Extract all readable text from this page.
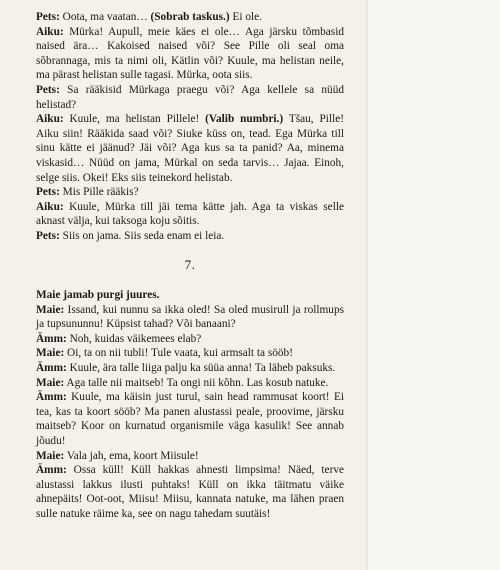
Pets: Oota, ma vaatan… (Sobrab taskus.) Ei ole.

Aiku: Mürka! Aupull, meie käes ei ole… Aga järsku tõmbasid naised ära… Kakoised naised või? See Pille oli seal oma sõbrannaga, mis ta nimi oli, Kätlin või? Kuule, ma helistan neile, ma pärast helistan sulle tagasi. Mürka, oota siis.

Pets: Sa rääkisid Mürkaga praegu või? Aga kellele sa nüüd helistad?

Aiku: Kuule, ma helistan Pillele! (Valib numbri.) Tšau, Pille! Aiku siin! Rääkida saad või? Siuke küss on, tead. Ega Mürka till sinu kätte ei jäänud? Jäi või? Aga kus sa ta panid? Aa, minema viskasid… Nüüd on jama, Mürkal on seda tarvis… Jajaa. Einoh, selge siis. Okei! Eks siis teinekord helistab.

Pets: Mis Pille rääkis?

Aiku: Kuule, Mürka till jäi tema kätte jah. Aga ta viskas selle aknast välja, kui taksoga koju sõitis.

Pets: Siis on jama. Siis seda enam ei leia.

7.

Maie jamab purgi juures.

Maie: Issand, kui nunnu sa ikka oled! Sa oled musirull ja rollmups ja tupsununnu! Küpsist tahad? Või banaani?

Ämm: Noh, kuidas väikemees elab?

Maie: Oi, ta on nii tubli! Tule vaata, kui armsalt ta sööb!

Ämm: Kuule, ära talle liiga palju ka süüa anna! Ta läheb paksuks.

Maie: Aga talle nii maitseb! Ta ongi nii kõhn. Las kosub natuke.

Ämm: Kuule, ma käisin just turul, sain head rammusat koort! Ei tea, kas ta koort sööb? Ma panen alustassi peale, proovime, järsku maitseb? Koor on kurnatud organismile väga kasulik! See annab jõudu!

Maie: Vala jah, ema, koort Miisule!

Ämm: Ossa küll! Küll hakkas ahnesti limpsima! Näed, terve alustassi lakkus ilusti puhtaks! Küll on ikka täitmatu väike ahnepäits! Oot-oot, Miisu! Miisu, kannata natuke, ma lähen praen sulle natuke räime ka, see on nagu tahedam suutäis!
